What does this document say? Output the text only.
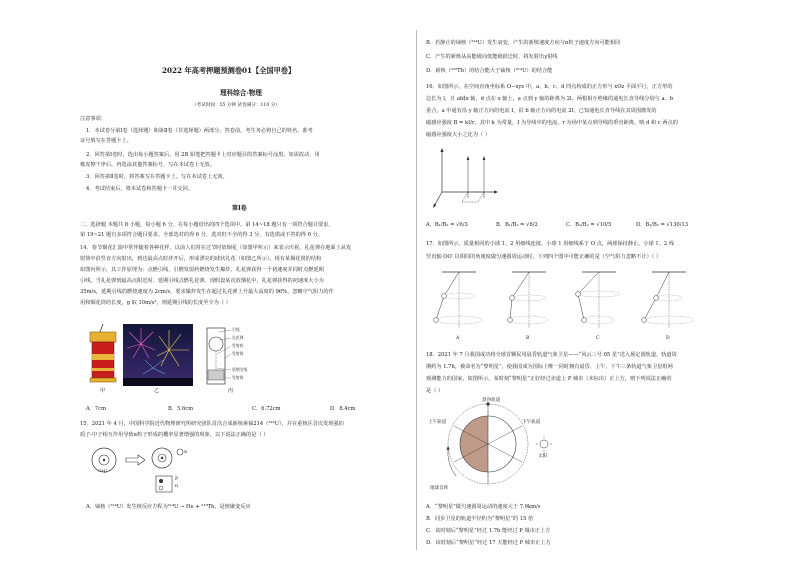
2022 年高考押题预测卷01【全国甲卷】
理科综合·物理
（考试时间：55 分钟 试卷满分：110 分）
注意事项：
1．本试卷分第Ⅰ卷（选择题）和第Ⅱ卷（非选择题）两部分。答卷前，考生务必将自己的姓名、准考
证号填写在答题卡上。
2．回答第Ⅰ卷时，选出每小题答案后，用 2B 铅笔把答题卡上对应题目的答案标号涂黑。如需改动，用
橡皮擦干净后，再选涂其他答案标号。写在本试卷上无效。
3．回答第Ⅱ卷时，将答案写在答题卡上。写在本试卷上无效。
4．考试结束后，将本试卷和答题卡一并交回。
第Ⅰ卷
二、选择题 本题共 8 小题，每小题 6 分。在每小题给出的四个选项中，第 14~18 题只有一项符合题目要求，
第 19~21 题有多项符合题目要求。全部选对的得 6 分，选对但不全的得 3 分，有选错或不答的得 0 分。
14．春节烟花汇演中常伴随着各种花样。以前人们常在过节时放烟花（如图甲所示）来表示庆祝，礼花弹在地面上从发
射筒中沿竖直方向射出，到达最高点时炸开后，形成漂亮的球状礼花（如图乙所示）。现有某烟花筒的结构
如图丙所示，其工作原理为：点燃引线，引燃发射药燃烧发生爆炸，礼花弹获得一个初速度并同时点燃延期
引线，当礼花弹到最高点附近时，延期引线点燃礼花弹。现假设某次放烟花中，礼花弹获得的初速度大小为
35m/s，延期引线的燃烧速度为 2cm/s，要求爆炸发生在超过礼花弹上升最大高度的 96%。忽略空气阻力的作
用和烟花筒的长度，g 取 10m/s²，则延期引线的长度至少为（ ）
甲	乙
引线
礼花弹
发射药
发射筒
延期引线
发射筒
丙
A．7cm	B．5.6cm	C．6.72cm	D．8.4cm
15．2021 年 4 月，中国科学院近代物理研究所研究团队首次合成新核素铀214（²¹⁴U），并在重核区首次发现强的
质子-中子相互作用导致α粒子形成的概率显著增强的现象。以下说法正确的是（ ）
²¹⁴U
α
P
n
A．铀核（²¹⁴U）发生核反应方程为²¹⁴U → He + ²¹⁰Th，是核聚变反应
B．若静止的铀核（²¹⁴U）发生衰变，产生的新核速度方向与α粒子速度方向可能相同
C．产生的新核从高能级向低能级跃迁时，将发射出γ射线
D．新核（²¹⁰Th）的结合能大于铀核（²¹⁴U）的结合能
16．如图所示，在空间直角坐标系 O−xyz 中，a、b、c、d 四点构成的正方形与 xOz 平面平行，正方形的
边长为 l，且 ab∥x 轴，d 点在 x 轴上，a 点到 y 轴的距离为 2l。两根相互绝缘的通电长直导线分别与 a、b
重合，a 中通有沿 y 轴正方向的电流 I，沿 b 轴正方向的电流 2I，已知通电长直导线在其周围激发的
磁感应强度 B = kI/r，其中 k 为常量，I 为导线中的电流，r 为场中某点到导线的垂直距离。则 d 和 c 两点的
磁感应强度大小之比为（ ）
A．B₁/B₂ = √6/3	B．B₁/B₂ = √6/2	C．B₁/B₂ = √10/5	D．B₁/B₂ = √130/13
17．如图所示，质量相同的小球 1、2 用细线连接，小球 1 用细线系于 O 点，两球保持静止。小球 1、2 线
竖直轴 OO′ 以相同的角速度做匀速圆周运动时，下列四个图中可能正确的是（空气阻力忽略不计）（ ）
A	B	C	D
18．2021 年 7 月我国成功将全球首颗民用晨昏轨道气象卫星——“风云三号 05 星”送入预定圆轨道，轨道周
期约为 1.7h，被命名为“黎明星”，使我国成为国际上唯一同时拥有晨昏、上午、下午三条轨道气象卫星组网
观测能力的国家，如图所示。某时刻“黎明星”正好经过赤道上 P 城市（未标出）正上方，则下列说法正确的
是（ ）
晨昏轨道
上午轨道	下午轨道
地球自转
太阳
A．“黎明星”做匀速圆周运动的速度大于 7.9km/s
B．同步卫星的轨道半径约为“黎明星”的 15 倍
C．该时刻后“黎明星”经过 1.7h 能经过 P 城市正上方
D．该时刻后“黎明星”经过 17 天能经过 P 城市正上方
